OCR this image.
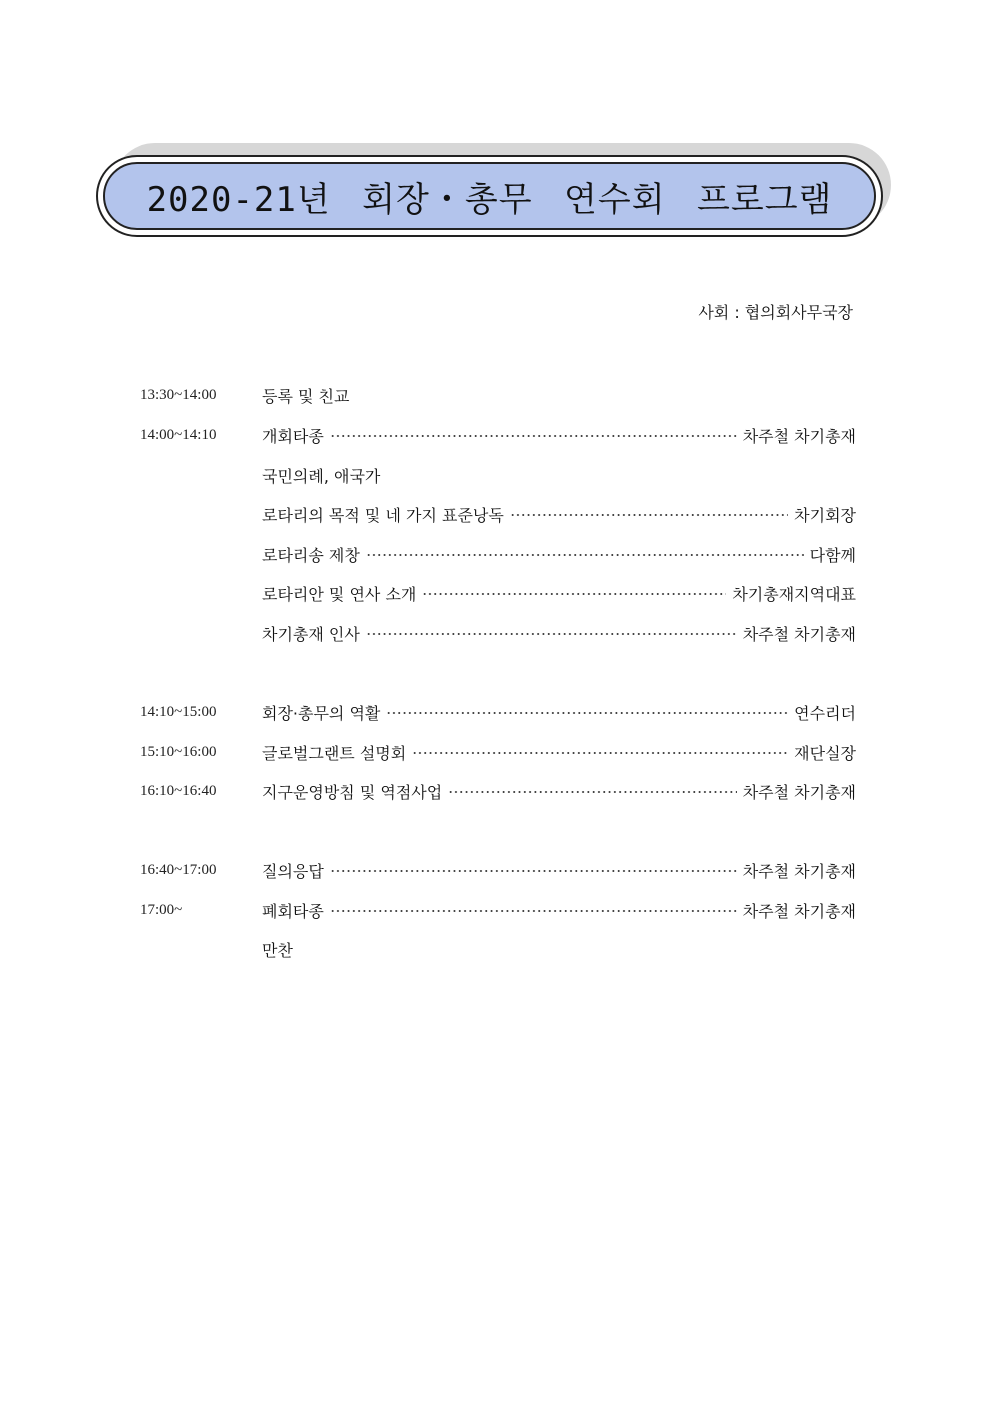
2020-21년 회장・총무 연수회 프로그램
사회 : 협의회사무국장
13:30~14:00	등록 및 친교
14:00~14:10	개회타종	차주철 차기총재
국민의례, 애국가
로타리의 목적 및 네 가지 표준낭독	차기회장
로타리송 제창	다함께
로타리안 및 연사 소개	차기총재지역대표
차기총재 인사	차주철 차기총재
14:10~15:00	회장·총무의 역활	연수리더
15:10~16:00	글로벌그랜트 설명회	재단실장
16:10~16:40	지구운영방침 및 역점사업	차주철 차기총재
16:40~17:00	질의응답	차주철 차기총재
17:00~	폐회타종	차주철 차기총재
만찬
